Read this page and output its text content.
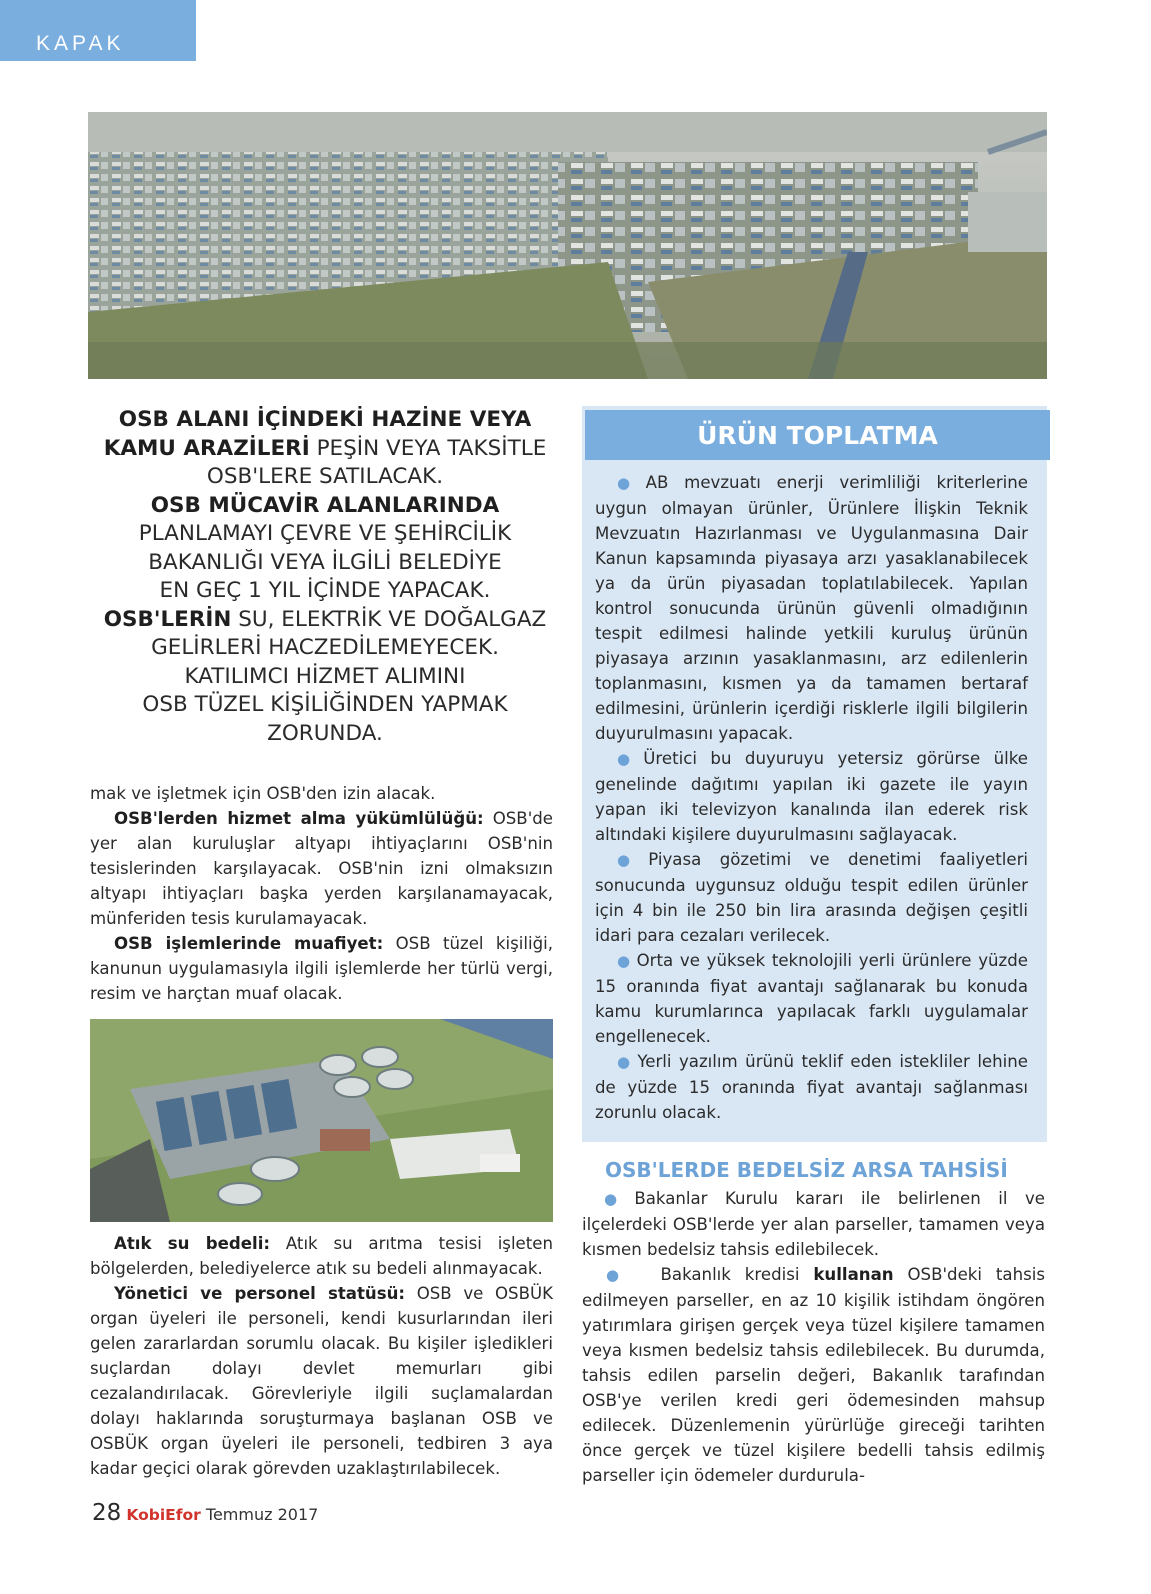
KAPAK

OSB ALANI İÇİNDEKİ HAZİNE VEYA

KAMU ARAZİLERİ PEŞİN VEYA TAKSİTLE

OSB'LERE SATILACAK.

OSB MÜCAVİR ALANLARINDA

PLANLAMAYI ÇEVRE VE ŞEHİRCİLİK

BAKANLIĞI VEYA İLGİLİ BELEDİYE

EN GEÇ 1 YIL İÇİNDE YAPACAK.

OSB'LERİN SU, ELEKTRİK VE DOĞALGAZ

GELİRLERİ HACZEDİLEMEYECEK.

KATILIMCI HİZMET ALIMINI

OSB TÜZEL KİŞİLİĞİNDEN YAPMAK

ZORUNDA.

mak ve işletmek için OSB'den izin alacak.

OSB'lerden hizmet alma yükümlülüğü: OSB'de yer alan kuruluşlar altyapı ihtiyaçlarını OSB'nin tesislerinden karşılayacak. OSB'nin izni olmaksızın altyapı ihtiyaçları başka yerden karşılanamayacak, münferiden tesis kurulamayacak.

OSB işlemlerinde muafiyet: OSB tüzel kişiliği, kanunun uygulamasıyla ilgili işlemlerde her türlü vergi, resim ve harçtan muaf olacak.

Atık su bedeli: Atık su arıtma tesisi işleten bölgelerden, belediyelerce atık su bedeli alınmayacak.

Yönetici ve personel statüsü: OSB ve OSBÜK organ üyeleri ile personeli, kendi kusurlarından ileri gelen zararlardan sorumlu olacak. Bu kişiler işledikleri suçlardan dolayı devlet memurları gibi cezalandırılacak. Görevleriyle ilgili suçlamalardan dolayı haklarında soruşturmaya başlanan OSB ve OSBÜK organ üyeleri ile personeli, tedbiren 3 aya kadar geçici olarak görevden uzaklaştırılabilecek.

ÜRÜN TOPLATMA

● AB mevzuatı enerji verimliliği kriterlerine uygun olmayan ürünler, Ürünlere İlişkin Teknik Mevzuatın Hazırlanması ve Uygulanmasına Dair Kanun kapsamında piyasaya arzı yasaklanabilecek ya da ürün piyasadan toplatılabilecek. Yapılan kontrol sonucunda ürünün güvenli olmadığının tespit edilmesi halinde yetkili kuruluş ürünün piyasaya arzının yasaklanmasını, arz edilenlerin toplanmasını, kısmen ya da tamamen bertaraf edilmesini, ürünlerin içerdiği risklerle ilgili bilgilerin duyurulmasını yapacak.

● Üretici bu duyuruyu yetersiz görürse ülke genelinde dağıtımı yapılan iki gazete ile yayın yapan iki televizyon kanalında ilan ederek risk altındaki kişilere duyurulmasını sağlayacak.

● Piyasa gözetimi ve denetimi faaliyetleri sonucunda uygunsuz olduğu tespit edilen ürünler için 4 bin ile 250 bin lira arasında değişen çeşitli idari para cezaları verilecek.

● Orta ve yüksek teknolojili yerli ürünlere yüzde 15 oranında fiyat avantajı sağlanarak bu konuda kamu kurumlarınca yapılacak farklı uygulamalar engellenecek.

● Yerli yazılım ürünü teklif eden istekliler lehine de yüzde 15 oranında fiyat avantajı sağlanması zorunlu olacak.

OSB'LERDE BEDELSİZ ARSA TAHSİSİ

● Bakanlar Kurulu kararı ile belirlenen il ve ilçelerdeki OSB'lerde yer alan parseller, tamamen veya kısmen bedelsiz tahsis edilebilecek.

● Bakanlık kredisi kullanan OSB'deki tahsis edilmeyen parseller, en az 10 kişilik istihdam öngören yatırımlara girişen gerçek veya tüzel kişilere tamamen veya kısmen bedelsiz tahsis edilebilecek. Bu durumda, tahsis edilen parselin değeri, Bakanlık tarafından OSB'ye verilen kredi geri ödemesinden mahsup edilecek. Düzenlemenin yürürlüğe gireceği tarihten önce gerçek ve tüzel kişilere bedelli tahsis edilmiş parseller için ödemeler durdurula-

28 KobiEfor Temmuz 2017
